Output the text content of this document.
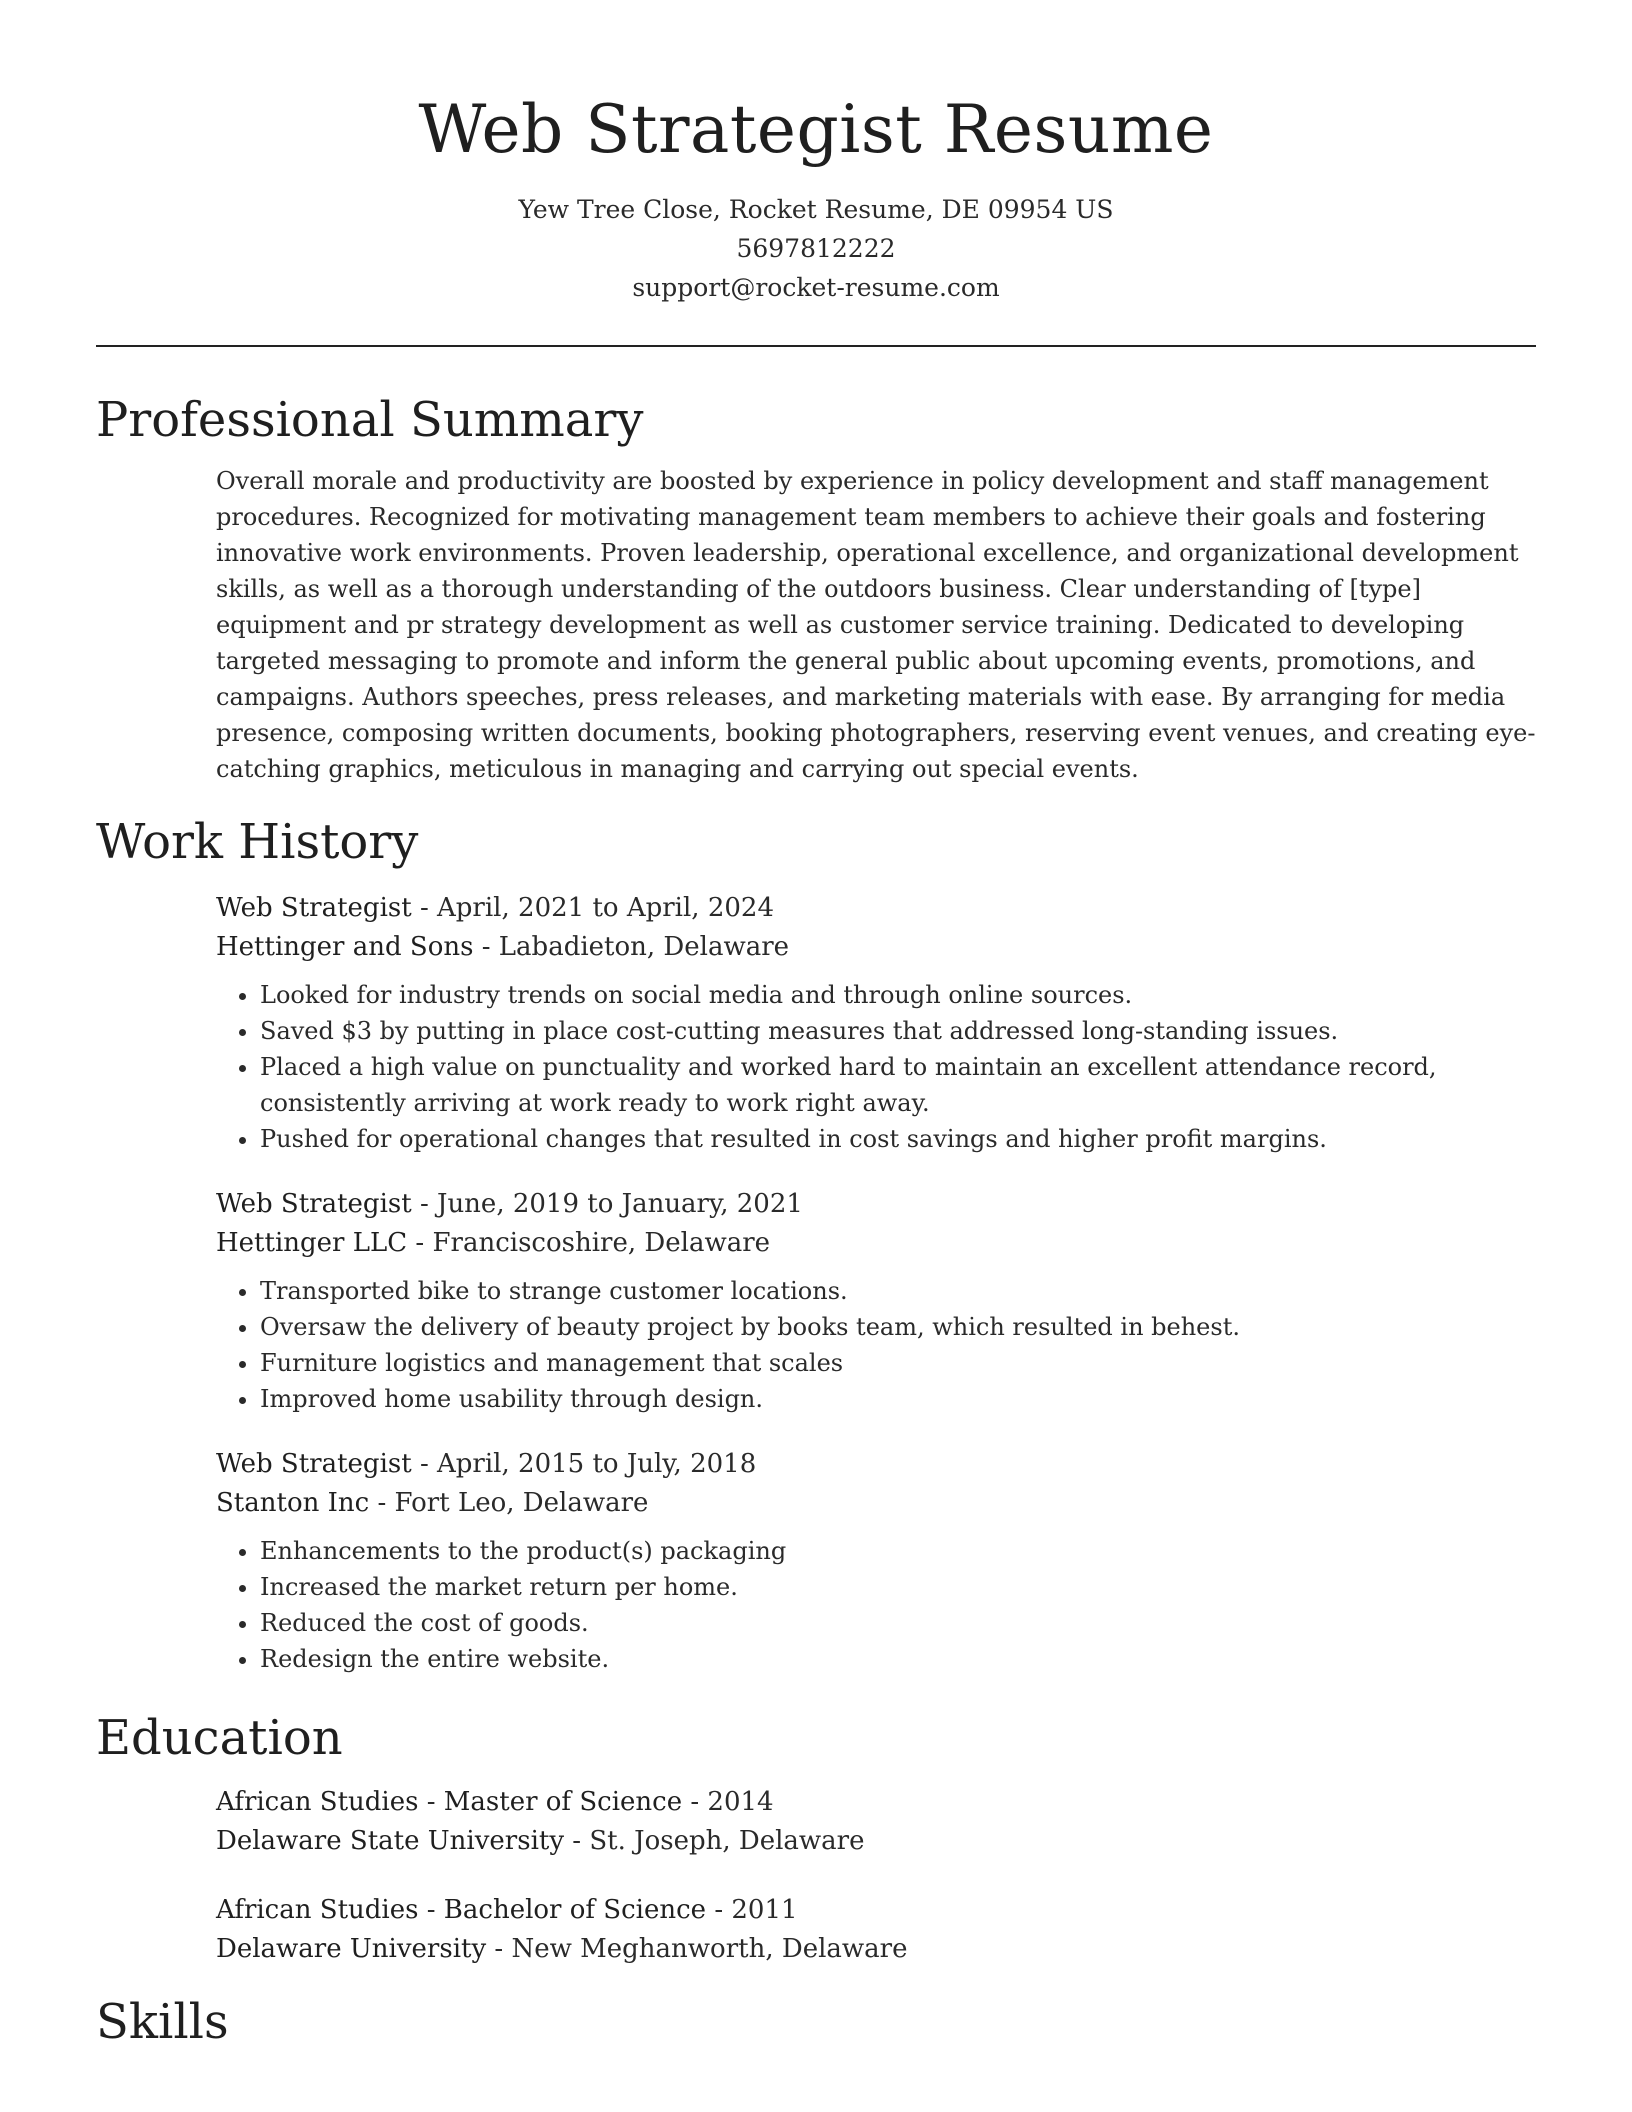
Web Strategist Resume
Yew Tree Close, Rocket Resume, DE 09954 US
5697812222
support@rocket-resume.com
Professional Summary

Overall morale and productivity are boosted by experience in policy development and staff management procedures. Recognized for motivating management team members to achieve their goals and fostering innovative work environments. Proven leadership, operational excellence, and organizational development skills, as well as a thorough understanding of the outdoors business. Clear understanding of [type] equipment and pr strategy development as well as customer service training. Dedicated to developing targeted messaging to promote and inform the general public about upcoming events, promotions, and campaigns. Authors speeches, press releases, and marketing materials with ease. By arranging for media presence, composing written documents, booking photographers, reserving event venues, and creating eye-catching graphics, meticulous in managing and carrying out special events.

Work History
Web Strategist - April, 2021 to April, 2024
Hettinger and Sons - Labadieton, Delaware
• Looked for industry trends on social media and through online sources.
• Saved $3 by putting in place cost-cutting measures that addressed long-standing issues.
• Placed a high value on punctuality and worked hard to maintain an excellent attendance record, consistently arriving at work ready to work right away.
• Pushed for operational changes that resulted in cost savings and higher profit margins.
Web Strategist - June, 2019 to January, 2021
Hettinger LLC - Franciscoshire, Delaware
• Transported bike to strange customer locations.
• Oversaw the delivery of beauty project by books team, which resulted in behest.
• Furniture logistics and management that scales
• Improved home usability through design.
Web Strategist - April, 2015 to July, 2018
Stanton Inc - Fort Leo, Delaware
• Enhancements to the product(s) packaging
• Increased the market return per home.
• Reduced the cost of goods.
• Redesign the entire website.
Education
African Studies - Master of Science - 2014
Delaware State University - St. Joseph, Delaware
African Studies - Bachelor of Science - 2011
Delaware University - New Meghanworth, Delaware
Skills
